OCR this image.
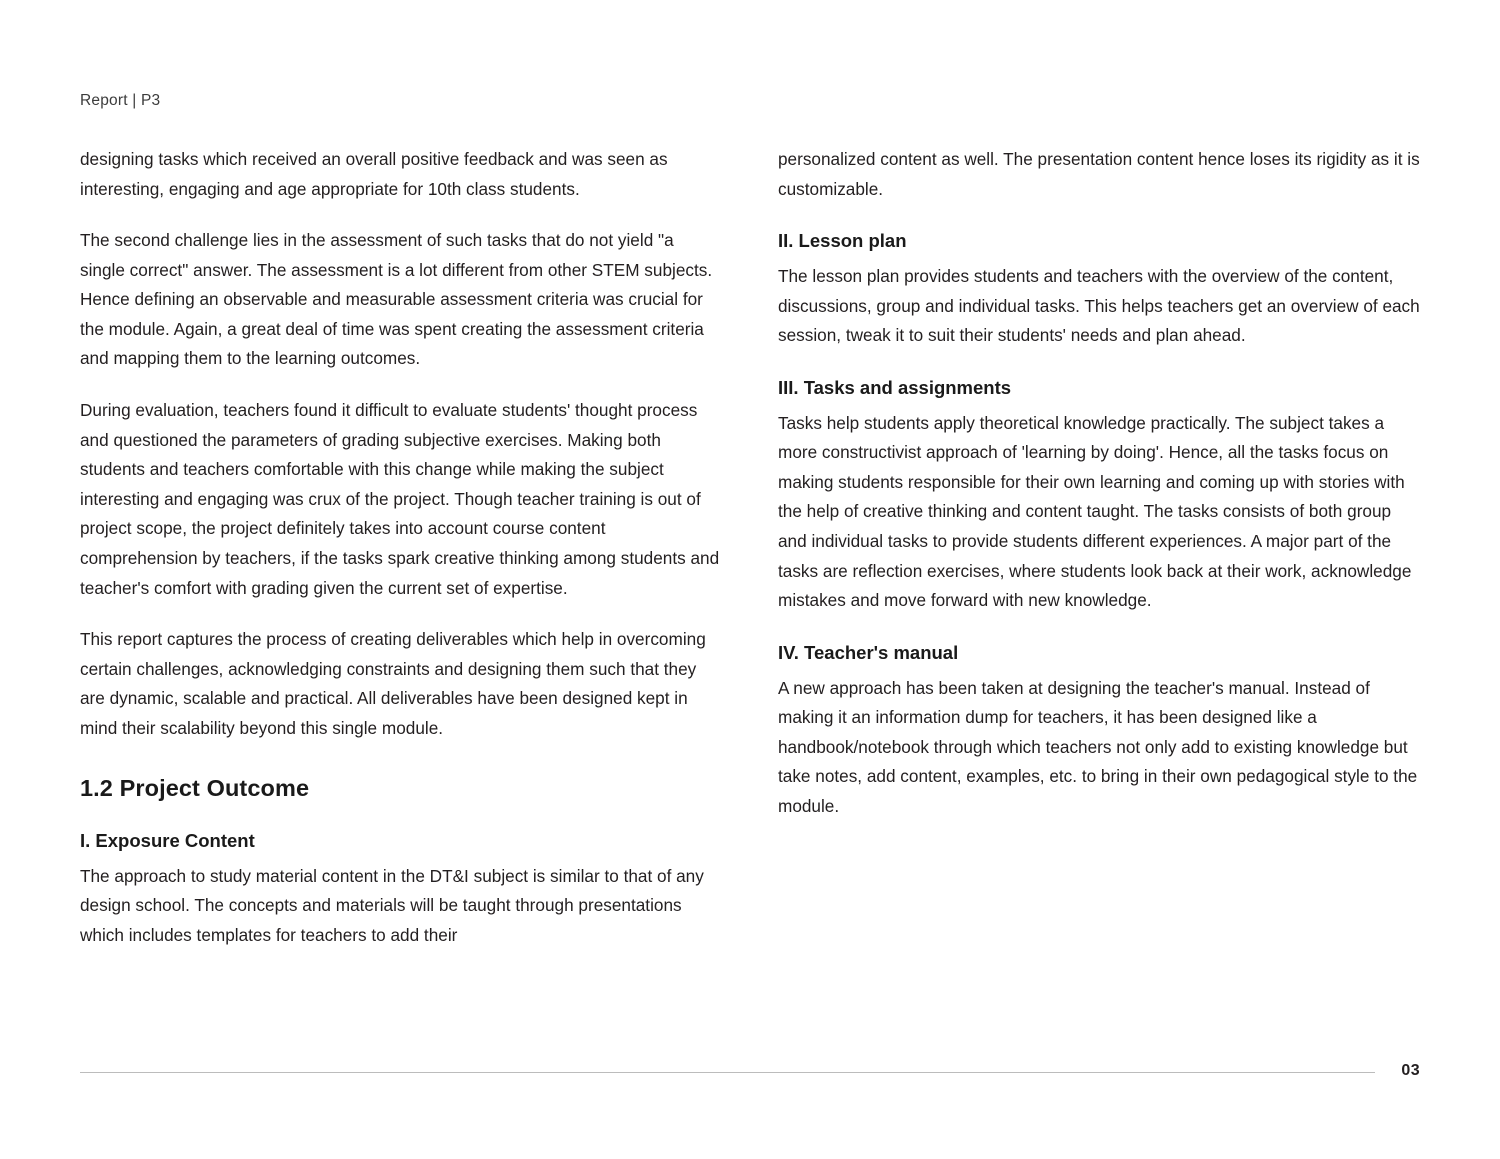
Report | P3

designing tasks which received an overall positive feedback and was seen as interesting, engaging and age appropriate for 10th class students.

The second challenge lies in the assessment of such tasks that do not yield "a single correct" answer. The assessment is a lot different from other STEM subjects. Hence defining an observable and measurable assessment criteria was crucial for the module. Again, a great deal of time was spent creating the assessment criteria and mapping them to the learning outcomes.

During evaluation, teachers found it difficult to evaluate students' thought process and questioned the parameters of grading subjective exercises. Making both students and teachers comfortable with this change while making the subject interesting and engaging was crux of the project. Though teacher training is out of project scope, the project definitely takes into account course content comprehension by teachers, if the tasks spark creative thinking among students and teacher's comfort with grading given the current set of expertise.

This report captures the process of creating deliverables which help in overcoming certain challenges, acknowledging constraints and designing them such that they are dynamic, scalable and practical. All deliverables have been designed kept in mind their scalability beyond this single module.

1.2 Project Outcome
I. Exposure Content

The approach to study material content in the DT&I subject is similar to that of any design school. The concepts and materials will be taught through presentations which includes templates for teachers to add their

personalized content as well. The presentation content hence loses its rigidity as it is customizable.

II. Lesson plan

The lesson plan provides students and teachers with the overview of the content, discussions, group and individual tasks. This helps teachers get an overview of each session, tweak it to suit their students' needs and plan ahead.

III. Tasks and assignments

Tasks help students apply theoretical knowledge practically. The subject takes a more constructivist approach of 'learning by doing'. Hence, all the tasks focus on making students responsible for their own learning and coming up with stories with the help of creative thinking and content taught. The tasks consists of both group and individual tasks to provide students different experiences. A major part of the tasks are reflection exercises, where students look back at their work, acknowledge mistakes and move forward with new knowledge.

IV. Teacher's manual

A new approach has been taken at designing the teacher's manual. Instead of making it an information dump for teachers, it has been designed like a handbook/notebook through which teachers not only add to existing knowledge but take notes, add content, examples, etc. to bring in their own pedagogical style to the module.

03
